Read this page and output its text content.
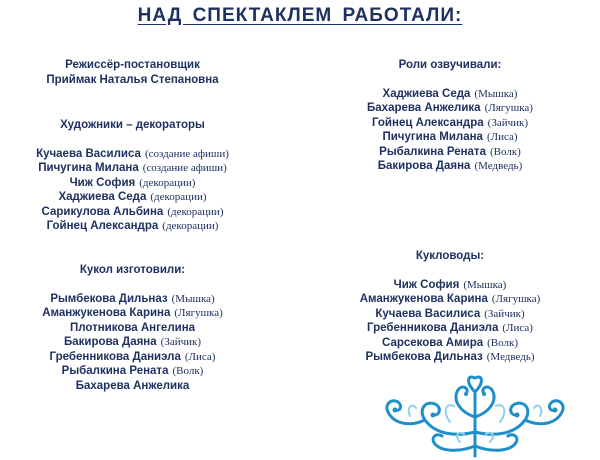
НАД СПЕКТАКЛЕМ РАБОТАЛИ:
Режиссёр-постановщик
Приймак Наталья Степановна
Художники – декораторы
Кучаева Василиса (создание афиши)
Пичугина Милана (создание афиши)
Чиж София (декорации)
Хаджиева Седа (декорации)
Сарикулова Альбина (декорации)
Гойнец Александра (декорации)
Кукол изготовили:
Рымбекова Дильназ (Мышка)
Аманжукенова Карина (Лягушка)
Плотникова Ангелина
Бакирова Даяна (Зайчик)
Гребенникова Даниэла (Лиса)
Рыбалкина Рената (Волк)
Бахарева Анжелика
Роли озвучивали:
Хаджиева Седа (Мышка)
Бахарева Анжелика (Лягушка)
Гойнец Александра (Зайчик)
Пичугина Милана (Лиса)
Рыбалкина Рената (Волк)
Бакирова Даяна (Медведь)
Кукловоды:
Чиж София (Мышка)
Аманжукенова Карина (Лягушка)
Кучаева Василиса (Зайчик)
Гребенникова Даниэла (Лиса)
Сарсекова Амира (Волк)
Рымбекова Дильназ (Медведь)
